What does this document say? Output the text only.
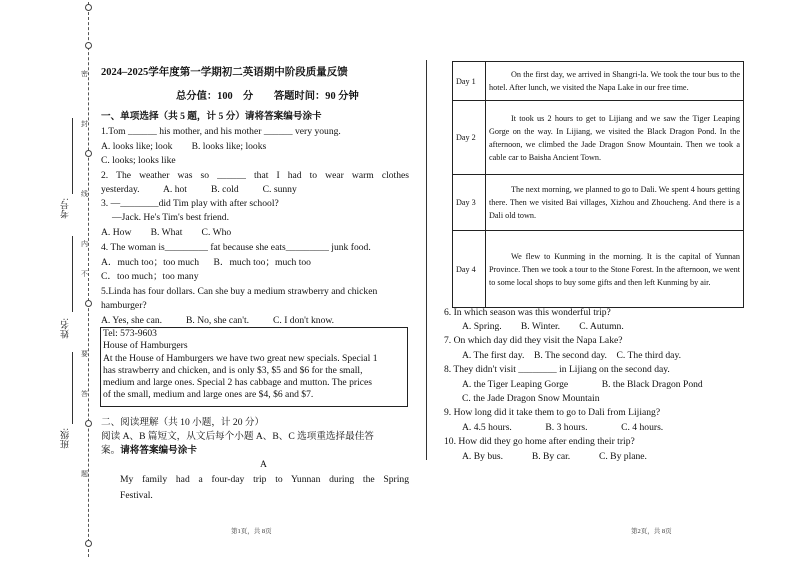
密
封
线
内
不
要
答
题
考号:
姓名:
班级:
2024–2025学年度第一学期初二英语期中阶段质量反馈
总分值：100　分　　答题时间：90 分钟
一、单项选择（共 5 题，计 5 分）请将答案编号涂卡
1.Tom ______ his mother, and his mother ______ very young.
A. looks like; look        B. looks like; looks
C. looks; looks like
2. The weather was so ______ that I had to wear warm clothes
yesterday.          A. hot          B. cold          C. sunny
3. —________did Tim play with after school?
—Jack. He's Tim's best friend.
A. How        B. What        C. Who
4. The woman is_________ fat because she eats_________ junk food.
A．much too；too much      B．much too；much too
C．too much；too many
5.Linda has four dollars. Can she buy a medium strawberry and chicken
hamburger?
A. Yes, she can.          B. No, she can't.          C. I don't know.
Tel: 573-9603
House of Hamburgers
At the House of Hamburgers we have two great new specials. Special 1
has strawberry and chicken, and is only $3, $5 and $6 for the small,
medium and large ones. Special 2 has cabbage and mutton. The prices
of the small, medium and large ones are $4, $6 and $7.
二、阅读理解（共 10 小题，计 20 分）
阅读 A、B 篇短文，从文后每个小题 A、B、C 选项重选择最佳答
案。请将答案编号涂卡
A
My family had a four-day trip to Yunnan during the Spring
Festival.
第1页，共 8页
Day 1	On the first day, we arrived in Shangri-la. We took the tour bus to the hotel. After lunch, we visited the Napa Lake in our free time.
Day 2	It took us 2 hours to get to Lijiang and we saw the Tiger Leaping Gorge on the way. In Lijiang, we visited the Black Dragon Pond. In the afternoon, we climbed the Jade Dragon Snow Mountain. Then we took a cable car to Baisha Ancient Town.
Day 3	The next morning, we planned to go to Dali. We spent 4 hours getting there. Then we visited Bai villages, Xizhou and Zhoucheng. And there is a Dali old town.
Day 4	We flew to Kunming in the morning. It is the capital of Yunnan Province. Then we took a tour to the Stone Forest. In the afternoon, we went to some local shops to buy some gifts and then left Kunming by air.
6. In which season was this wonderful trip?
A. Spring.        B. Winter.        C. Autumn.
7. On which day did they visit the Napa Lake?
A. The first day.    B. The second day.    C. The third day.
8. They didn't visit ________ in Lijiang on the second day.
A. the Tiger Leaping Gorge              B. the Black Dragon Pond
C. the Jade Dragon Snow Mountain
9. How long did it take them to go to Dali from Lijiang?
A. 4.5 hours.              B. 3 hours.              C. 4 hours.
10. How did they go home after ending their trip?
A. By bus.            B. By car.            C. By plane.
第2页，共 8页
